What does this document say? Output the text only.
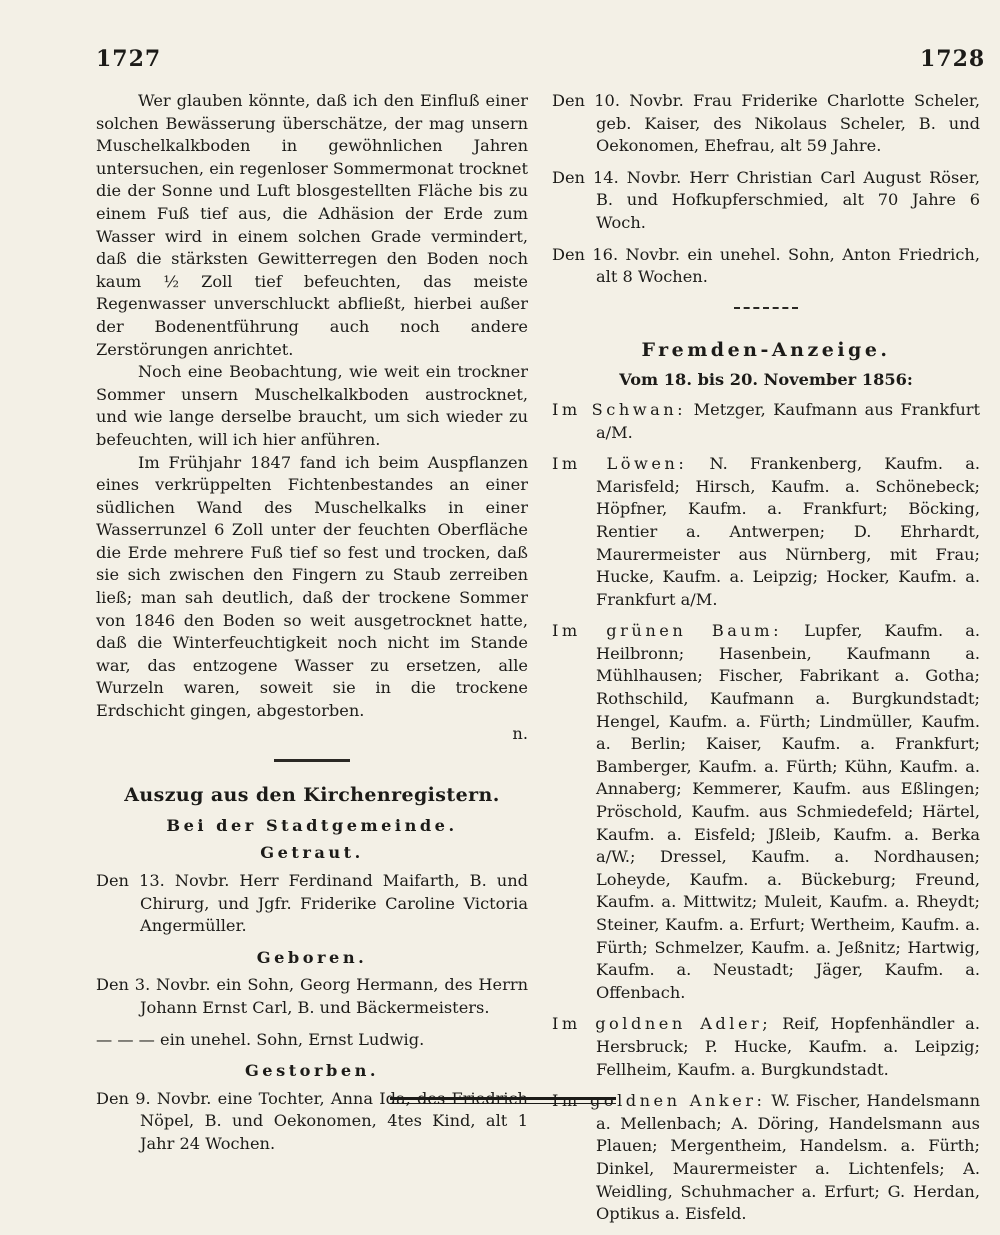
1727	1728

Wer glauben könnte, daß ich den Einfluß einer solchen Bewässerung überschätze, der mag unsern Muschelkalkboden in gewöhnlichen Jahren untersuchen, ein regenloser Sommermonat trocknet die der Sonne und Luft blosgestellten Fläche bis zu einem Fuß tief aus, die Adhäsion der Erde zum Wasser wird in einem solchen Grade vermindert, daß die stärksten Gewitterregen den Boden noch kaum ½ Zoll tief befeuchten, das meiste Regenwasser unverschluckt abfließt, hierbei außer der Bodenentführung auch noch andere Zerstörungen anrichtet.

Noch eine Beobachtung, wie weit ein trockner Sommer unsern Muschelkalkboden austrocknet, und wie lange derselbe braucht, um sich wieder zu befeuchten, will ich hier anführen.

Im Frühjahr 1847 fand ich beim Auspflanzen eines verkrüppelten Fichtenbestandes an einer südlichen Wand des Muschelkalks in einer Wasserrunzel 6 Zoll unter der feuchten Oberfläche die Erde mehrere Fuß tief so fest und trocken, daß sie sich zwischen den Fingern zu Staub zerreiben ließ; man sah deutlich, daß der trockene Sommer von 1846 den Boden so weit ausgetrocknet hatte, daß die Winterfeuchtigkeit noch nicht im Stande war, das entzogene Wasser zu ersetzen, alle Wurzeln waren, soweit sie in die trockene Erdschicht gingen, abgestorben.

n.

Auszug aus den Kirchenregistern.

Bei der Stadtgemeinde.

Getraut.

Den 13. Novbr. Herr Ferdinand Maifarth, B. und Chirurg, und Jgfr. Friderike Caroline Victoria Angermüller.

Geboren.

Den 3. Novbr. ein Sohn, Georg Hermann, des Herrn Johann Ernst Carl, B. und Bäckermeisters.

— — — ein unehel. Sohn, Ernst Ludwig.

Gestorben.

Den 9. Novbr. eine Tochter, Anna Ida, des Friedrich Nöpel, B. und Oekonomen, 4tes Kind, alt 1 Jahr 24 Wochen.

Den 10. Novbr. Frau Friderike Charlotte Scheler, geb. Kaiser, des Nikolaus Scheler, B. und Oekonomen, Ehefrau, alt 59 Jahre.

Den 14. Novbr. Herr Christian Carl August Röser, B. und Hofkupferschmied, alt 70 Jahre 6 Woch.

Den 16. Novbr. ein unehel. Sohn, Anton Friedrich, alt 8 Wochen.

Fremden-Anzeige.

Vom 18. bis 20. November 1856:

Im Schwan: Metzger, Kaufmann aus Frankfurt a/M.

Im Löwen: N. Frankenberg, Kaufm. a. Marisfeld; Hirsch, Kaufm. a. Schönebeck; Höpfner, Kaufm. a. Frankfurt; Böcking, Rentier a. Antwerpen; D. Ehrhardt, Maurermeister aus Nürnberg, mit Frau; Hucke, Kaufm. a. Leipzig; Hocker, Kaufm. a. Frankfurt a/M.

Im grünen Baum: Lupfer, Kaufm. a. Heilbronn; Hasenbein, Kaufmann a. Mühlhausen; Fischer, Fabrikant a. Gotha; Rothschild, Kaufmann a. Burgkundstadt; Hengel, Kaufm. a. Fürth; Lindmüller, Kaufm. a. Berlin; Kaiser, Kaufm. a. Frankfurt; Bamberger, Kaufm. a. Fürth; Kühn, Kaufm. a. Annaberg; Kemmerer, Kaufm. aus Eßlingen; Pröschold, Kaufm. aus Schmiedefeld; Härtel, Kaufm. a. Eisfeld; Jßleib, Kaufm. a. Berka a/W.; Dressel, Kaufm. a. Nordhausen; Loheyde, Kaufm. a. Bückeburg; Freund, Kaufm. a. Mittwitz; Muleit, Kaufm. a. Rheydt; Steiner, Kaufm. a. Erfurt; Wertheim, Kaufm. a. Fürth; Schmelzer, Kaufm. a. Jeßnitz; Hartwig, Kaufm. a. Neustadt; Jäger, Kaufm. a. Offenbach.

Im goldnen Adler; Reif, Hopfenhändler a. Hersbruck; P. Hucke, Kaufm. a. Leipzig; Fellheim, Kaufm. a. Burgkundstadt.

Im goldnen Anker: W. Fischer, Handelsmann a. Mellenbach; A. Döring, Handelsmann aus Plauen; Mergentheim, Handelsm. a. Fürth; Dinkel, Maurermeister a. Lichtenfels; A. Weidling, Schuhmacher a. Erfurt; G. Herdan, Optikus a. Eisfeld.
